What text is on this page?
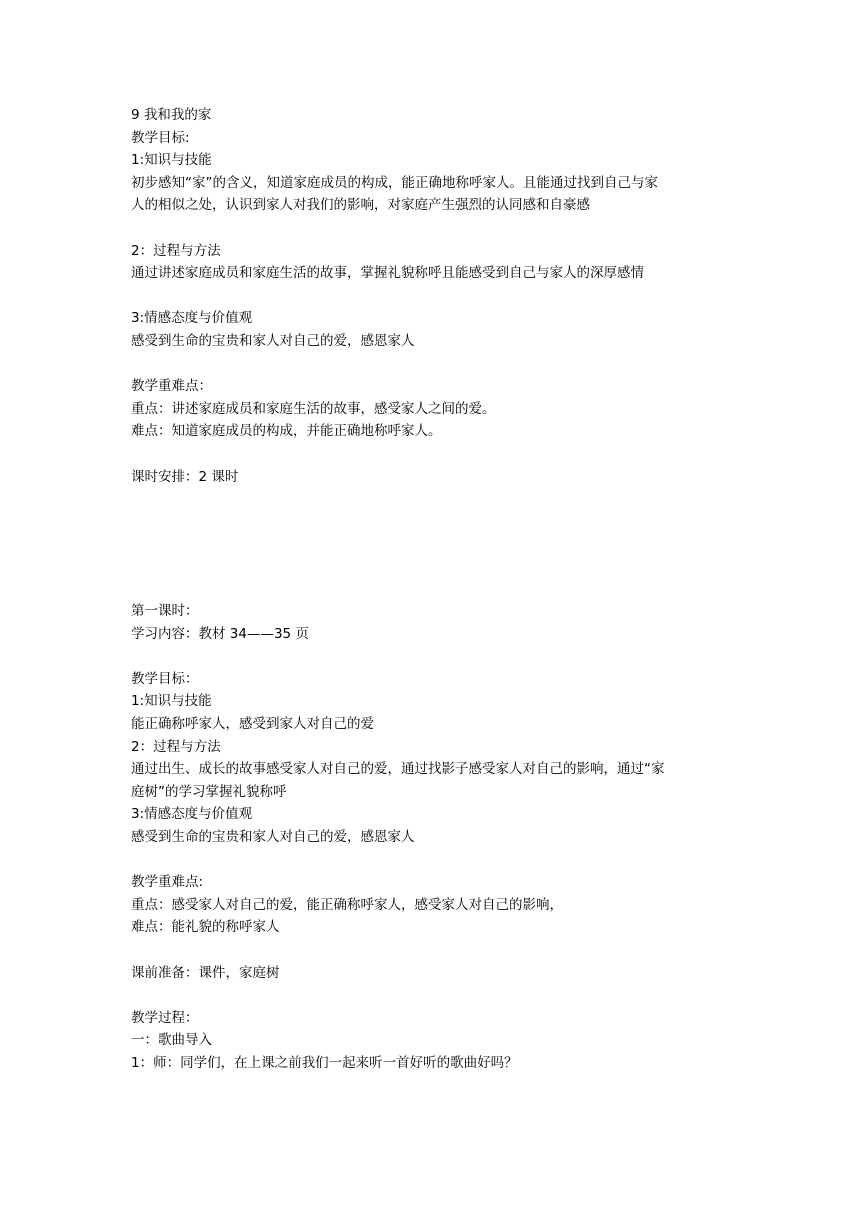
9 我和我的家
教学目标:
1:知识与技能
初步感知“家”的含义，知道家庭成员的构成，能正确地称呼家人。且能通过找到自己与家
人的相似之处，认识到家人对我们的影响，对家庭产生强烈的认同感和自豪感
2：过程与方法
通过讲述家庭成员和家庭生活的故事，掌握礼貌称呼且能感受到自己与家人的深厚感情
3:情感态度与价值观
感受到生命的宝贵和家人对自己的爱，感恩家人
教学重难点：
重点：讲述家庭成员和家庭生活的故事，感受家人之间的爱。
难点：知道家庭成员的构成，并能正确地称呼家人。
课时安排：2 课时
第一课时：
学习内容：教材 34——35 页
教学目标：
1:知识与技能
能正确称呼家人，感受到家人对自己的爱
2：过程与方法
通过出生、成长的故事感受家人对自己的爱，通过找影子感受家人对自己的影响，通过“家
庭树”的学习掌握礼貌称呼
3:情感态度与价值观
感受到生命的宝贵和家人对自己的爱，感恩家人
教学重难点:
重点：感受家人对自己的爱，能正确称呼家人，感受家人对自己的影响，
难点：能礼貌的称呼家人
课前准备：课件，家庭树
教学过程：
一：歌曲导入
1：师：同学们，在上课之前我们一起来听一首好听的歌曲好吗？
